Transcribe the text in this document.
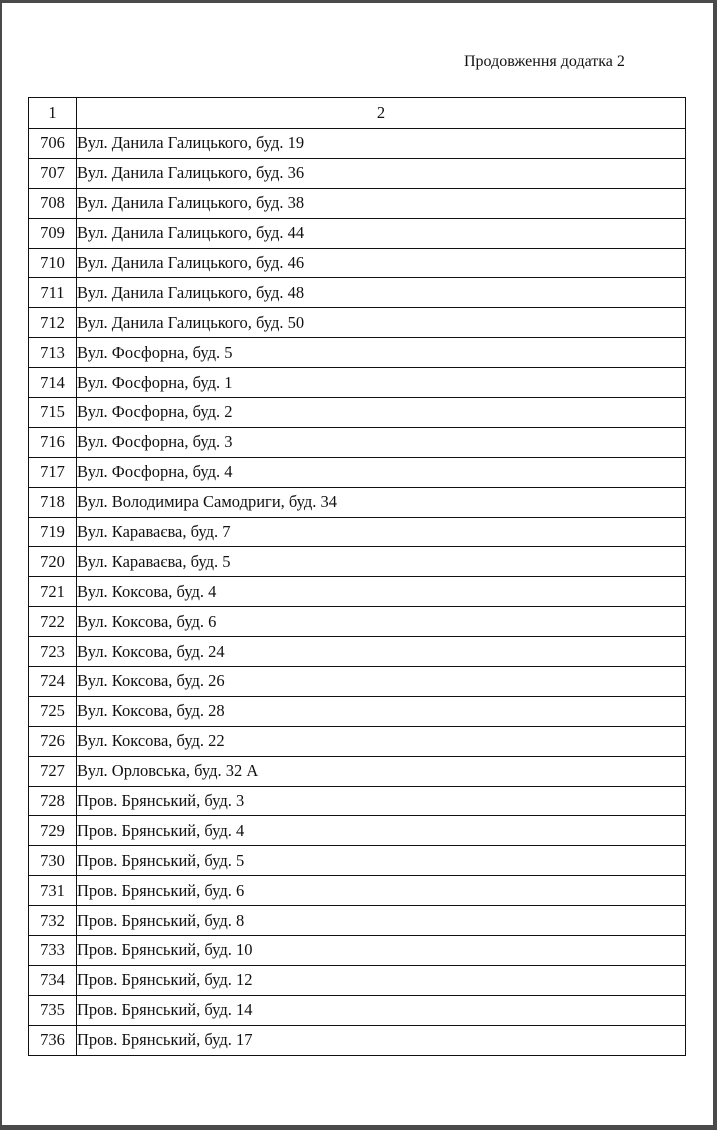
Продовження додатка 2
1	2
706	Вул. Данила Галицького, буд. 19
707	Вул. Данила Галицького, буд. 36
708	Вул. Данила Галицького, буд. 38
709	Вул. Данила Галицького, буд. 44
710	Вул. Данила Галицького, буд. 46
711	Вул. Данила Галицького, буд. 48
712	Вул. Данила Галицького, буд. 50
713	Вул. Фосфорна, буд. 5
714	Вул. Фосфорна, буд. 1
715	Вул. Фосфорна, буд. 2
716	Вул. Фосфорна, буд. 3
717	Вул. Фосфорна, буд. 4
718	Вул. Володимира Самодриги, буд. 34
719	Вул. Караваєва, буд. 7
720	Вул. Караваєва, буд. 5
721	Вул. Коксова, буд. 4
722	Вул. Коксова, буд. 6
723	Вул. Коксова, буд. 24
724	Вул. Коксова, буд. 26
725	Вул. Коксова, буд. 28
726	Вул. Коксова, буд. 22
727	Вул. Орловська, буд. 32 А
728	Пров. Брянський, буд. 3
729	Пров. Брянський, буд. 4
730	Пров. Брянський, буд. 5
731	Пров. Брянський, буд. 6
732	Пров. Брянський, буд. 8
733	Пров. Брянський, буд. 10
734	Пров. Брянський, буд. 12
735	Пров. Брянський, буд. 14
736	Пров. Брянський, буд. 17
